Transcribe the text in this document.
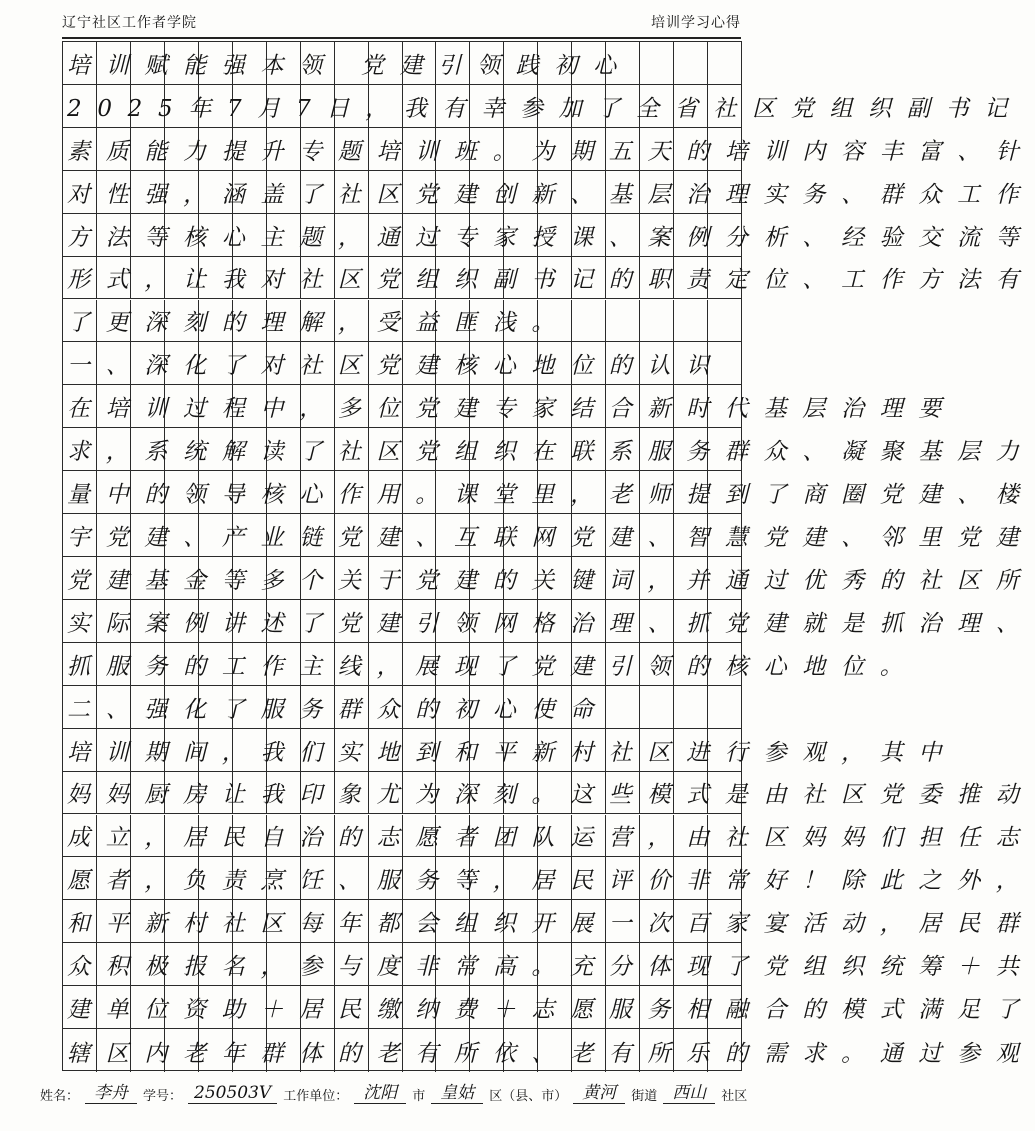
辽宁社区工作者学院	培训学习心得
培训赋能强本领 党建引领践初心
2025年7月7日，我有幸参加了全省社区党组织副书记
素质能力提升专题培训班。为期五天的培训内容丰富、针
对性强，涵盖了社区党建创新、基层治理实务、群众工作
方法等核心主题，通过专家授课、案例分析、经验交流等
形式，让我对社区党组织副书记的职责定位、工作方法有
了更深刻的理解，受益匪浅。
一、深化了对社区党建核心地位的认识
在培训过程中，多位党建专家结合新时代基层治理要
求，系统解读了社区党组织在联系服务群众、凝聚基层力
量中的领导核心作用。课堂里，老师提到了商圈党建、楼
宇党建、产业链党建、互联网党建、智慧党建、邻里党建
党建基金等多个关于党建的关键词，并通过优秀的社区所
实际案例讲述了党建引领网格治理、抓党建就是抓治理、
抓服务的工作主线，展现了党建引领的核心地位。
二、强化了服务群众的初心使命
培训期间，我们实地到和平新村社区进行参观，其中
妈妈厨房让我印象尤为深刻。这些模式是由社区党委推动
成立，居民自治的志愿者团队运营，由社区妈妈们担任志
愿者，负责烹饪、服务等，居民评价非常好！除此之外，
和平新村社区每年都会组织开展一次百家宴活动，居民群
众积极报名，参与度非常高。充分体现了党组织统筹＋共
建单位资助＋居民缴纳费＋志愿服务相融合的模式满足了
辖区内老年群体的老有所依、老有所乐的需求。通过参观
姓名： 李舟	学号： 250503V 工作单位： 沈阳	市 皇姑	区（县、市） 黄河	街道 西山	社区
